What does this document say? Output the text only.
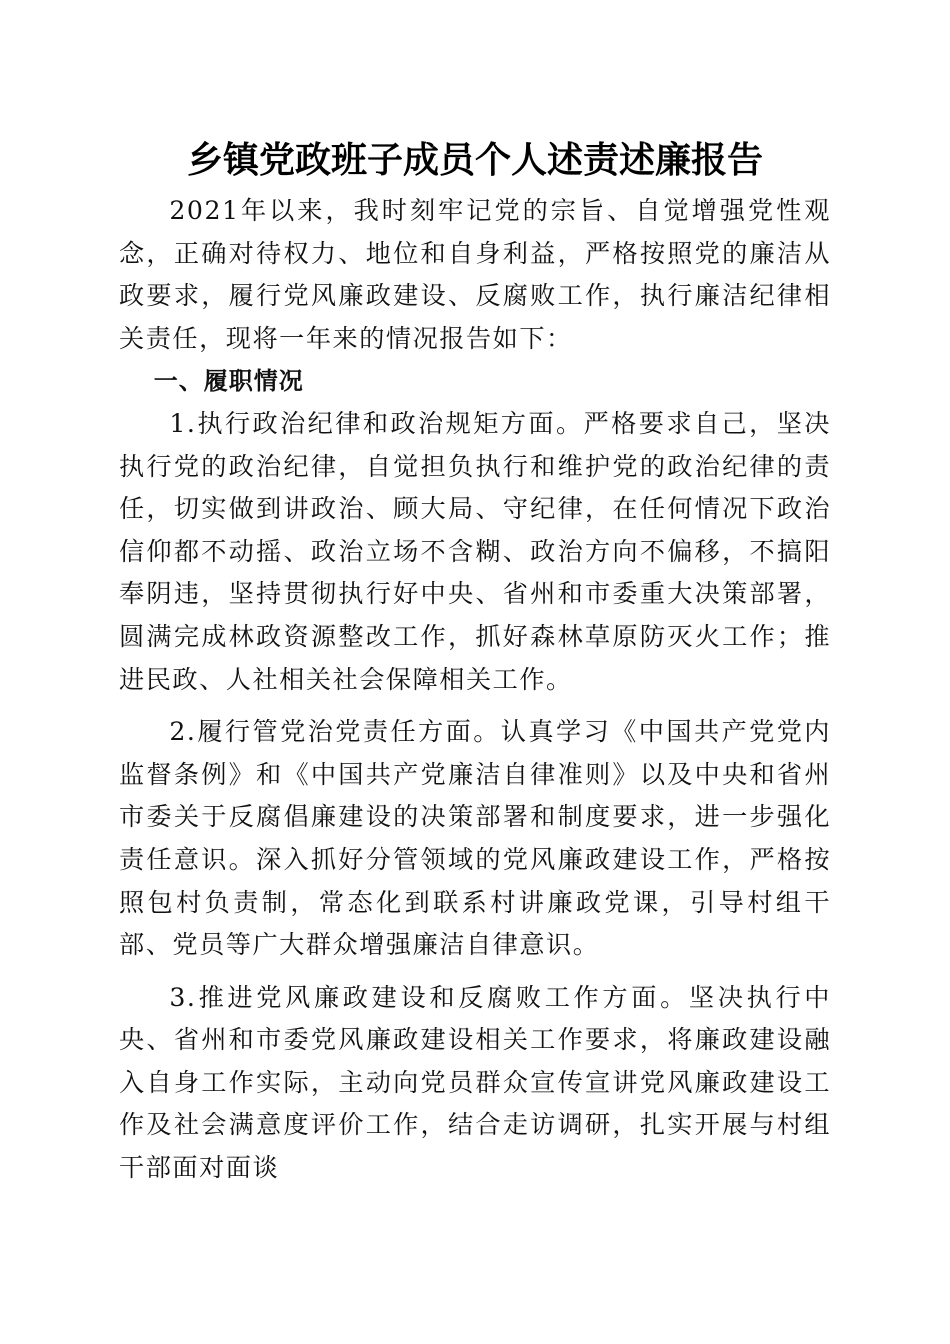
乡镇党政班子成员个人述责述廉报告

2021年以来，我时刻牢记党的宗旨、自觉增强党性观念，正确对待权力、地位和自身利益，严格按照党的廉洁从政要求，履行党风廉政建设、反腐败工作，执行廉洁纪律相关责任，现将一年来的情况报告如下：

一、履职情况

1.执行政治纪律和政治规矩方面。严格要求自己，坚决执行党的政治纪律，自觉担负执行和维护党的政治纪律的责任，切实做到讲政治、顾大局、守纪律，在任何情况下政治信仰都不动摇、政治立场不含糊、政治方向不偏移，不搞阳奉阴违，坚持贯彻执行好中央、省州和市委重大决策部署，圆满完成林政资源整改工作，抓好森林草原防灭火工作；推进民政、人社相关社会保障相关工作。

2.履行管党治党责任方面。认真学习《中国共产党党内监督条例》和《中国共产党廉洁自律准则》以及中央和省州市委关于反腐倡廉建设的决策部署和制度要求，进一步强化责任意识。深入抓好分管领域的党风廉政建设工作，严格按照包村负责制，常态化到联系村讲廉政党课，引导村组干部、党员等广大群众增强廉洁自律意识。

3.推进党风廉政建设和反腐败工作方面。坚决执行中央、省州和市委党风廉政建设相关工作要求，将廉政建设融入自身工作实际，主动向党员群众宣传宣讲党风廉政建设工作及社会满意度评价工作，结合走访调研，扎实开展与村组干部面对面谈
